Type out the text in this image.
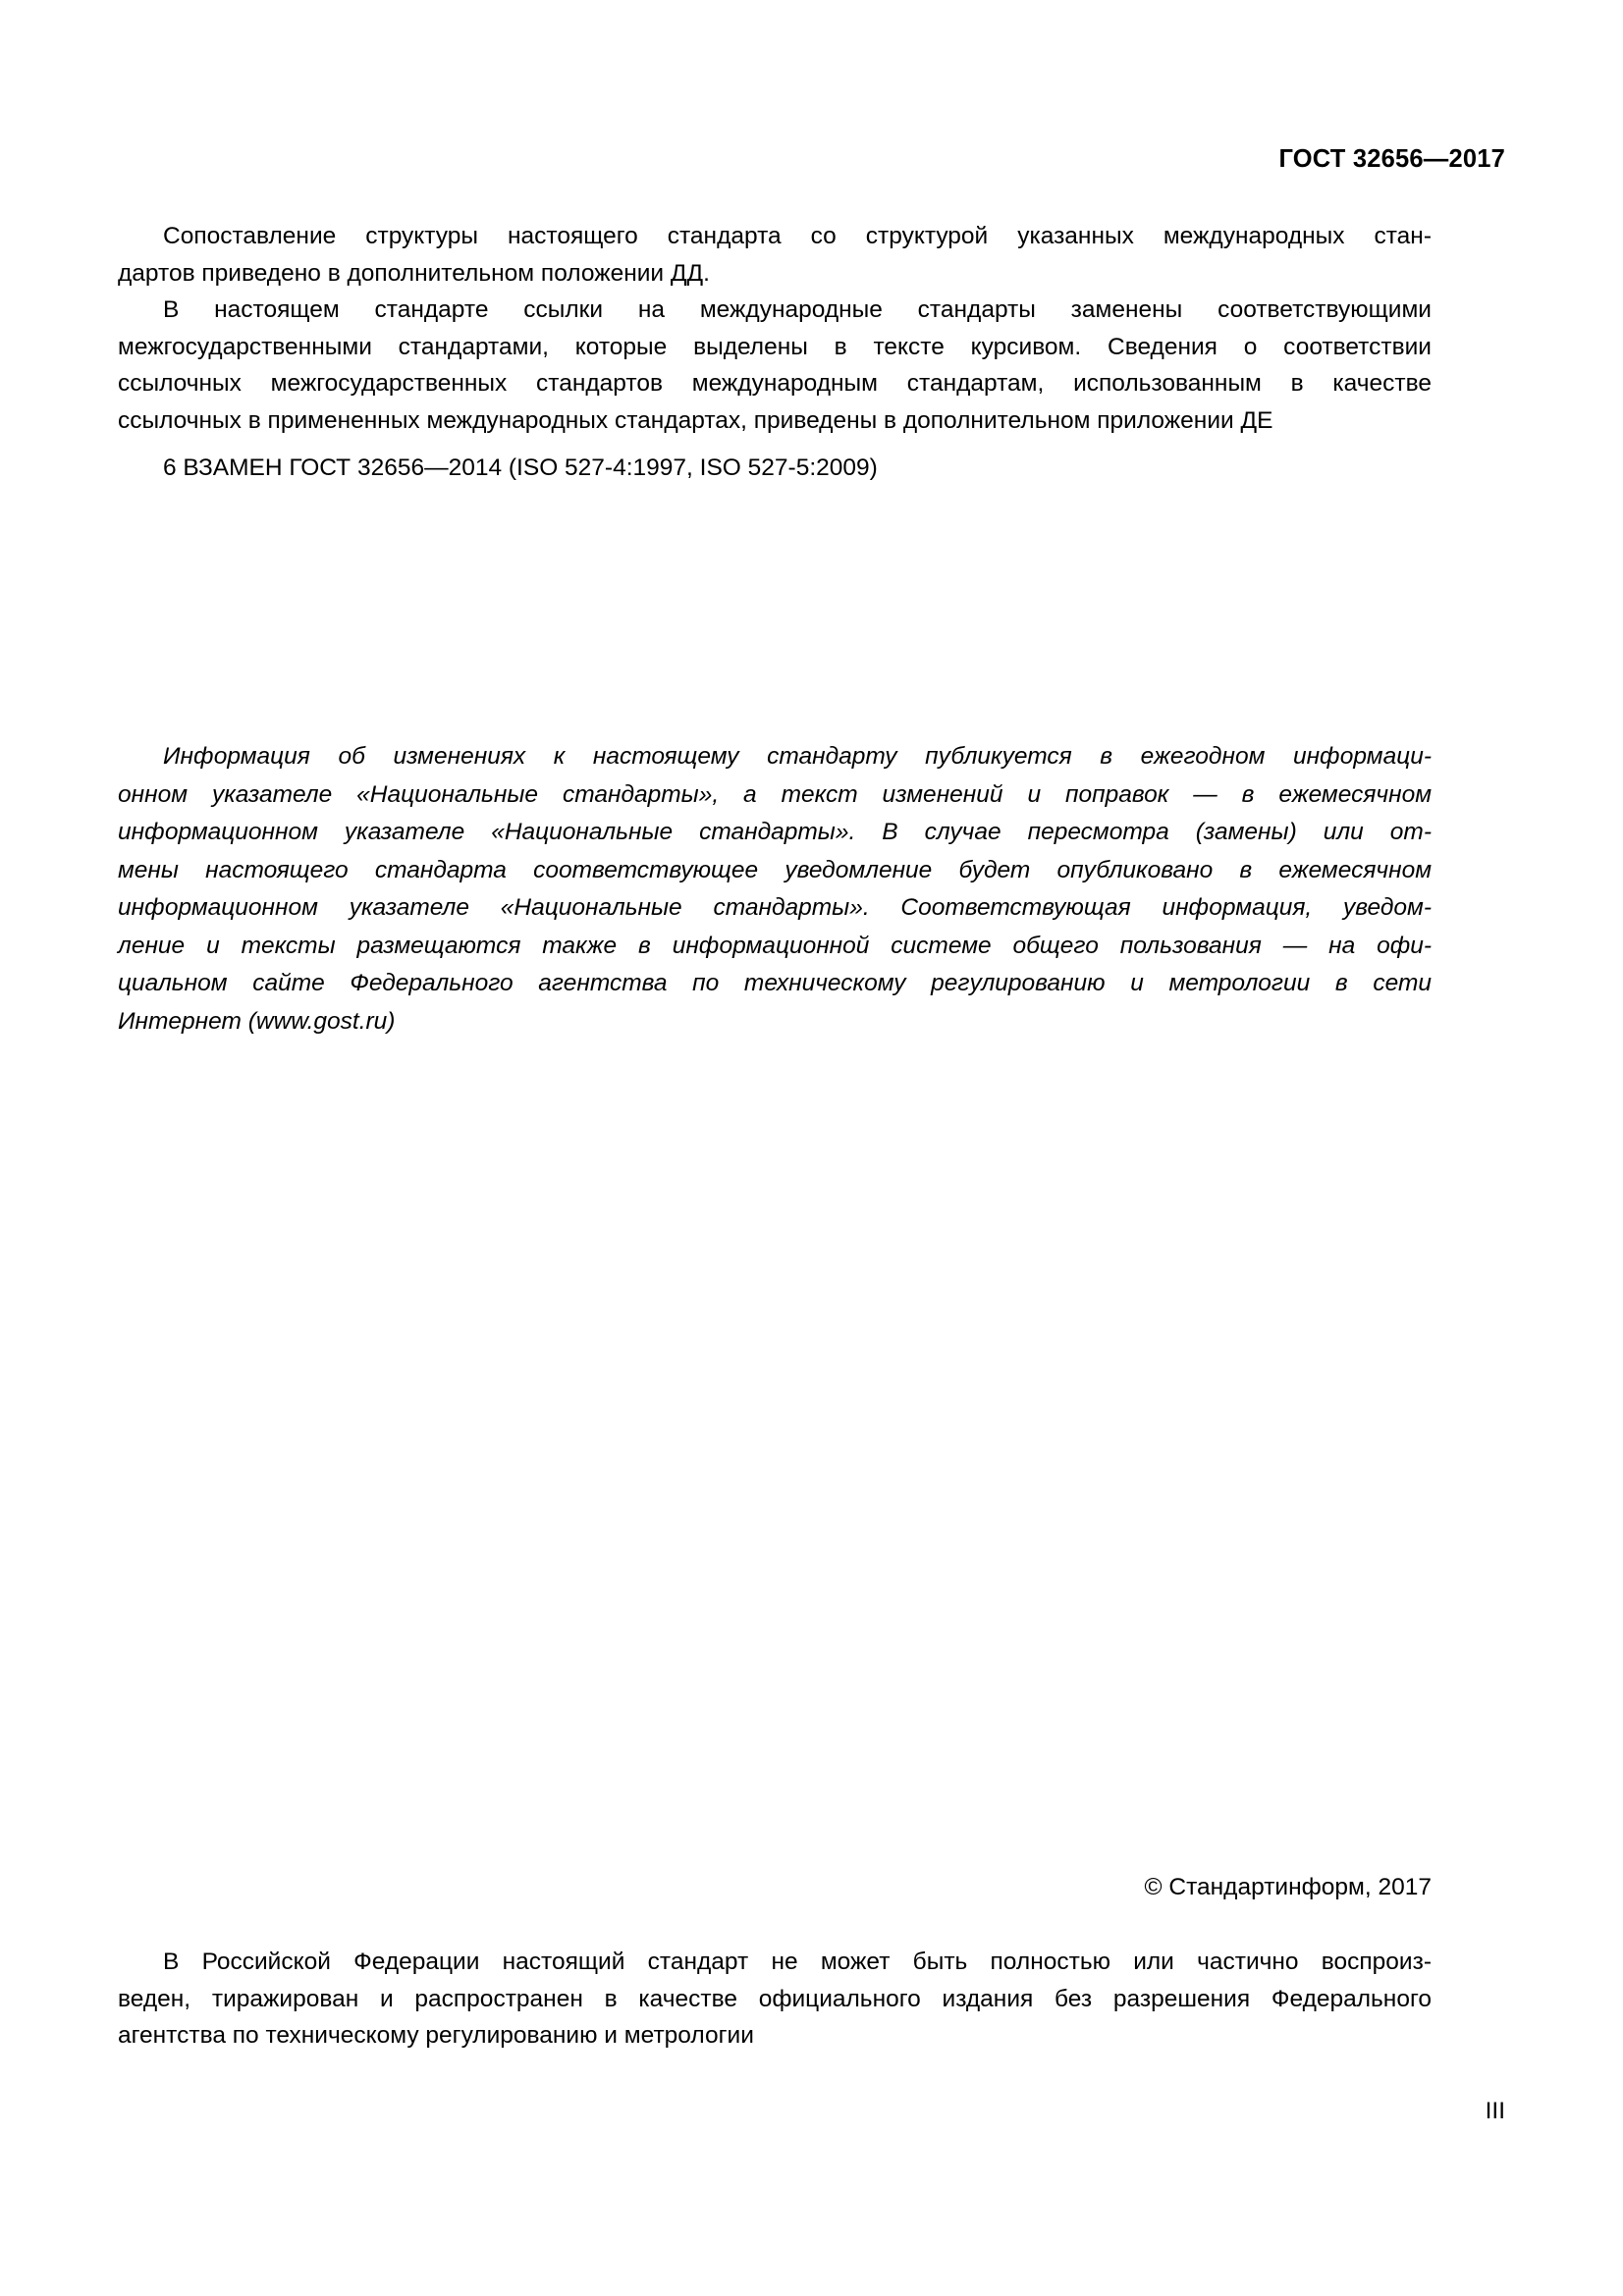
ГОСТ 32656—2017

Сопоставление структуры настоящего стандарта со структурой указанных международных стан-
дартов приведено в дополнительном положении ДД.

В настоящем стандарте ссылки на международные стандарты заменены соответствующими
межгосударственными стандартами, которые выделены в тексте курсивом. Сведения о соответствии
ссылочных межгосударственных стандартов международным стандартам, использованным в качестве
ссылочных в примененных международных стандартах, приведены в дополнительном приложении ДЕ

6 ВЗАМЕН ГОСТ 32656—2014 (ISO 527-4:1997, ISO 527-5:2009)

Информация об изменениях к настоящему стандарту публикуется в ежегодном информаци-
онном указателе «Национальные стандарты», а текст изменений и поправок — в ежемесячном
информационном указателе «Национальные стандарты». В случае пересмотра (замены) или от-
мены настоящего стандарта соответствующее уведомление будет опубликовано в ежемесячном
информационном указателе «Национальные стандарты». Соответствующая информация, уведом-
ление и тексты размещаются также в информационной системе общего пользования — на офи-
циальном сайте Федерального агентства по техническому регулированию и метрологии в сети
Интернет (www.gost.ru)

© Стандартинформ, 2017

В Российской Федерации настоящий стандарт не может быть полностью или частично воспроиз-
веден, тиражирован и распространен в качестве официального издания без разрешения Федерального
агентства по техническому регулированию и метрологии

III
